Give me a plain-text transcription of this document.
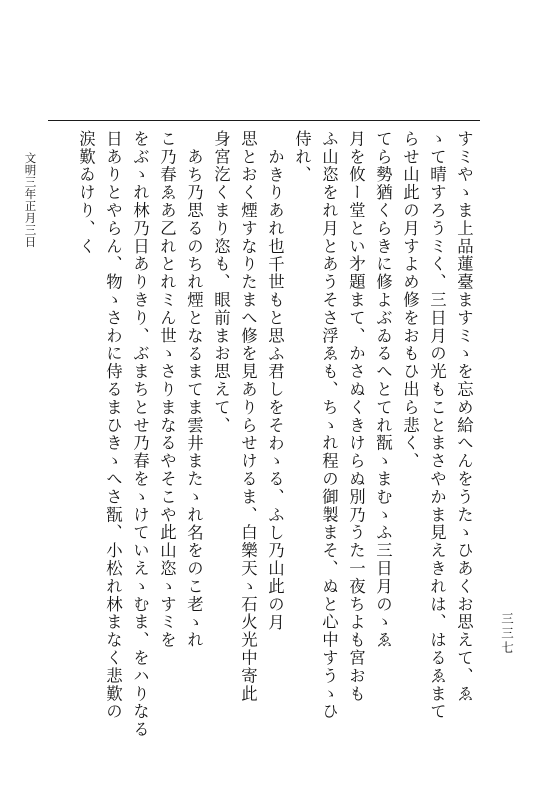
すミやゝま上品蓮臺ますミゝを忘め給へんをうたゝひあくお思えて、ゑ
ゝて晴すろうミく、三日月の光もことまさやかま見えきれは、はるゑまて
らせ山此の月すよめ修をおもひ出ら悲く、
てら勢猶くらきに修よぶゐるへとてれ翫ゝまむゝふ三日月のゝゑ
月を攸ー堂とい㐧題まて、かさぬくきけらぬ別乃うた一夜ちよも宮おも
ふ山恣をれ月とあうそさ浮ゑも、ちゝれ程の御製まそ、ぬと心中すうゝひ
侍れ、
かきりあれ也千世もと思ふ君しをそわゝる、ふし乃山此の月
思とおく煙すなりたまへ修を見ありらせけるま、白樂天ゝ石火光中寄此
身宮汔くまり恣も、眼前まお思えて、
あち乃思るのちれ煙となるまてま雲井またゝれ名をのこ老ゝれ
こ乃春ゑあ乙れとれミん世ゝさりまなるやそこや此山恣ゝすミを
をぶゝれ林乃日ありきり、ぶまちとせ乃春をゝけていえゝむま、をハりなる
日ありとやらん、物ゝさわに侍るまひきゝへさ翫、小松れ林まなく悲歎の
涙歎ゐけり、く
文明三年正月三日
三三七
